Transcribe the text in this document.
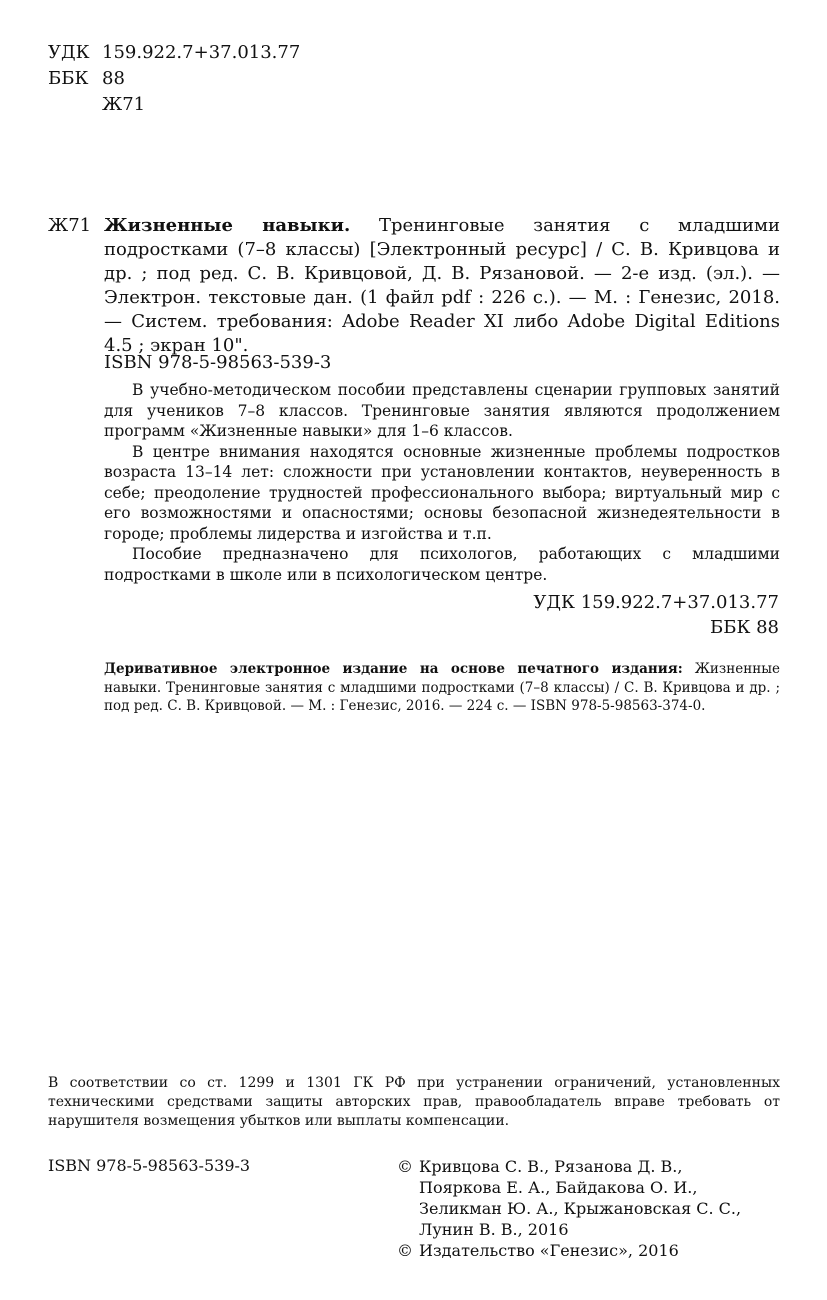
УДК 159.922.7+37.013.77
ББК 88
Ж71
Ж71 Жизненные навыки. Тренинговые занятия с младшими подростками (7–8 классы) [Электронный ресурс] / С. В. Кривцова и др. ; под ред. С. В. Кривцовой, Д. В. Рязановой. — 2-е изд. (эл.). — Электрон. текстовые дан. (1 файл pdf : 226 с.). — М. : Генезис, 2018. — Систем. требования: Adobe Reader XI либо Adobe Digital Editions 4.5 ; экран 10".
ISBN 978-5-98563-539-3

В учебно-методическом пособии представлены сценарии групповых занятий для учеников 7–8 классов. Тренинговые занятия являются продолжением программ «Жизненные навыки» для 1–6 классов.

В центре внимания находятся основные жизненные проблемы подростков возраста 13–14 лет: сложности при установлении контактов, неуверенность в себе; преодоление трудностей профессионального выбора; виртуальный мир с его возможностями и опасностями; основы безопасной жизнедеятельности в городе; проблемы лидерства и изгойства и т.п.

Пособие предназначено для психологов, работающих с младшими подростками в школе или в психологическом центре.

УДК 159.922.7+37.013.77
ББК 88
Деривативное электронное издание на основе печатного издания: Жизненные навыки. Тренинговые занятия с младшими подростками (7–8 классы) / С. В. Кривцова и др. ; под ред. С. В. Кривцовой. — М. : Генезис, 2016. — 224 с. — ISBN 978-5-98563-374-0.
В соответствии со ст. 1299 и 1301 ГК РФ при устранении ограничений, установленных техническими средствами защиты авторских прав, правообладатель вправе требовать от нарушителя возмещения убытков или выплаты компенсации.
ISBN 978-5-98563-539-3	© Кривцова С. В., Рязанова Д. В.,
Пояркова Е. А., Байдакова О. И.,
Зеликман Ю. А., Крыжановская С. С.,
Лунин В. В., 2016
© Издательство «Генезис», 2016
